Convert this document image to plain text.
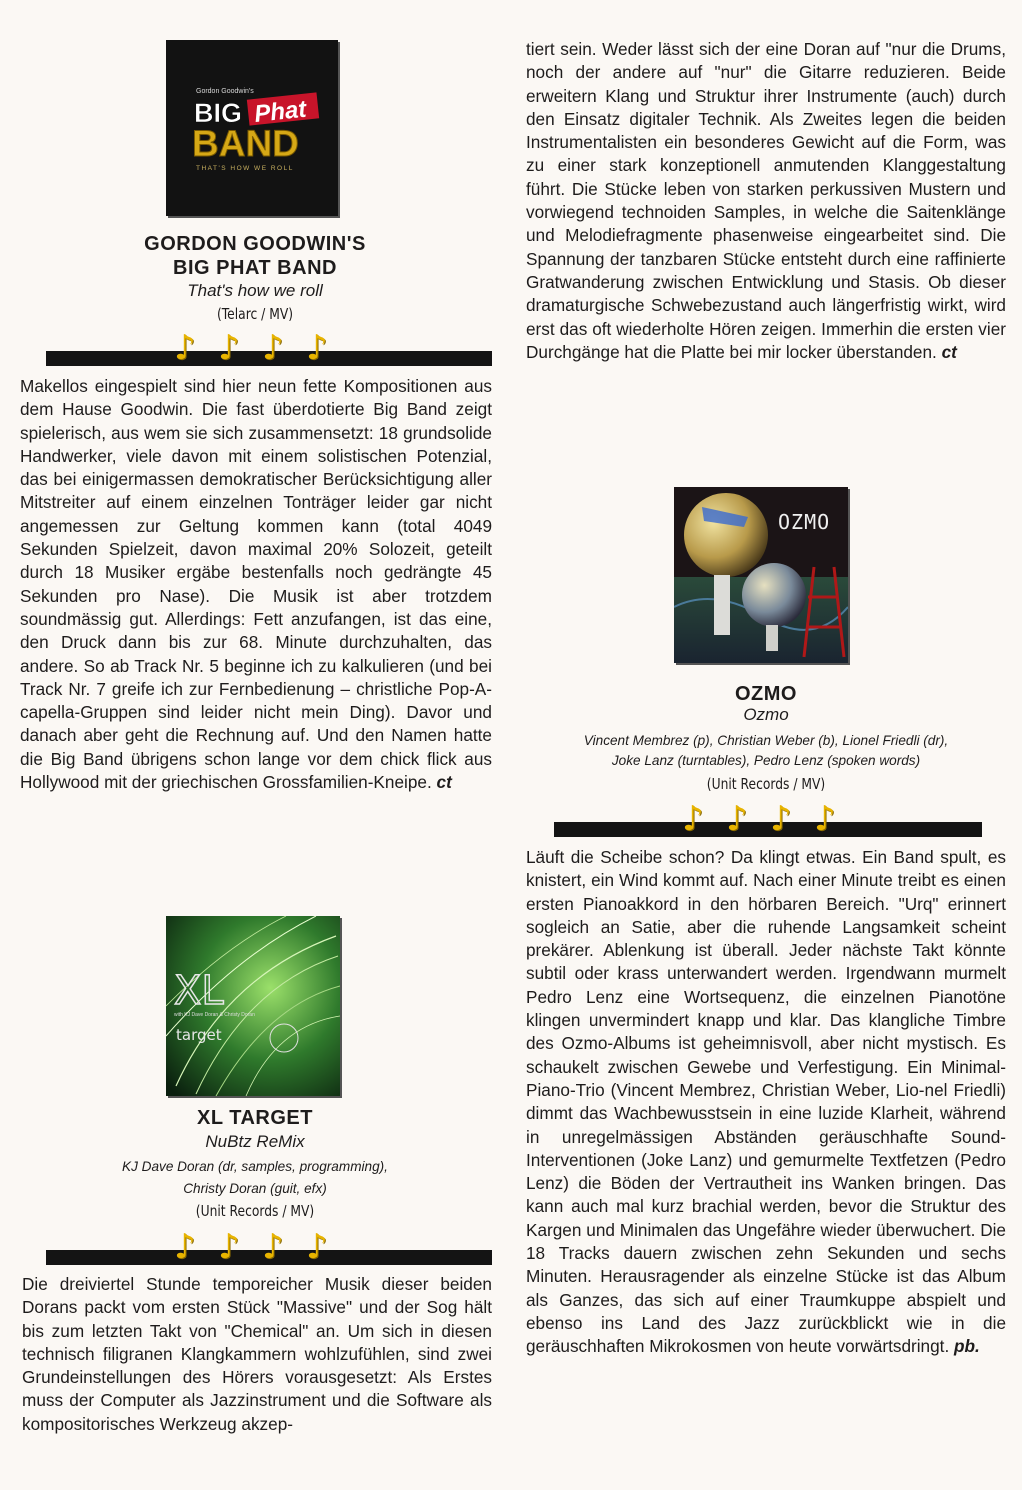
Gordon Goodwin's
BIG Phat
BAND
THAT'S HOW WE ROLL

GORDON GOODWIN'S

BIG PHAT BAND

That's how we roll

(Telarc / MV)

♪ ♪ ♪ ♪

Makellos eingespielt sind hier neun fette Kompositionen aus dem Hause Goodwin. Die fast überdotierte Big Band zeigt spielerisch, aus wem sie sich zusammensetzt: 18 grundsolide Handwerker, viele davon mit einem solistischen Potenzial, das bei einigermassen demokratischer Berücksichtigung aller Mitstreiter auf einem einzelnen Tonträger leider gar nicht angemessen zur Geltung kommen kann (total 4049 Sekunden Spielzeit, davon maximal 20% Solozeit, geteilt durch 18 Musiker ergäbe bestenfalls noch gedrängte 45 Sekunden pro Nase). Die Musik ist aber trotzdem soundmässig gut. Allerdings: Fett anzufangen, ist das eine, den Druck dann bis zur 68. Minute durchzuhalten, das andere. So ab Track Nr. 5 beginne ich zu kalkulieren (und bei Track Nr. 7 greife ich zur Fernbedienung – christliche Pop-A-capella-Gruppen sind leider nicht mein Ding). Davor und danach aber geht die Rechnung auf. Und den Namen hatte die Big Band übrigens schon lange vor dem chick flick aus Hollywood mit der griechischen Grossfamilien-Kneipe. ct

XL
with KJ Dave Doran & Christy Doran
target

XL TARGET

NuBtz ReMix

KJ Dave Doran (dr, samples, programming),

Christy Doran (guit, efx)

(Unit Records / MV)

♪ ♪ ♪ ♪

Die dreiviertel Stunde temporeicher Musik dieser beiden Dorans packt vom ersten Stück "Massive" und der Sog hält bis zum letzten Takt von "Chemical" an. Um sich in diesen technisch filigranen Klangkammern wohlzufühlen, sind zwei Grundeinstellungen des Hörers vorausgesetzt: Als Erstes muss der Computer als Jazzinstrument und die Software als kompositorisches Werkzeug akzep-

tiert sein. Weder lässt sich der eine Doran auf "nur die Drums, noch der andere auf "nur" die Gitarre reduzieren. Beide erweitern Klang und Struktur ihrer Instrumente (auch) durch den Einsatz digitaler Technik. Als Zweites legen die beiden Instrumentalisten ein besonderes Gewicht auf die Form, was zu einer stark konzeptionell anmutenden Klanggestaltung führt. Die Stücke leben von starken perkussiven Mustern und vorwiegend technoiden Samples, in welche die Saitenklänge und Melodiefragmente phasenweise eingearbeitet sind. Die Spannung der tanzbaren Stücke entsteht durch eine raffinierte Gratwanderung zwischen Entwicklung und Stasis. Ob dieser dramaturgische Schwebezustand auch längerfristig wirkt, wird erst das oft wiederholte Hören zeigen. Immerhin die ersten vier Durchgänge hat die Platte bei mir locker überstanden. ct

OZMO

OZMO

Ozmo

Vincent Membrez (p), Christian Weber (b), Lionel Friedli (dr),

Joke Lanz (turntables), Pedro Lenz (spoken words)

(Unit Records / MV)

♪ ♪ ♪ ♪

Läuft die Scheibe schon? Da klingt etwas. Ein Band spult, es knistert, ein Wind kommt auf. Nach einer Minute treibt es einen ersten Pianoakkord in den hörbaren Bereich. "Urq" erinnert sogleich an Satie, aber die ruhende Langsamkeit scheint prekärer. Ablenkung ist überall. Jeder nächste Takt könnte subtil oder krass unterwandert werden. Irgendwann murmelt Pedro Lenz eine Wortsequenz, die einzelnen Pianotöne klingen unvermindert knapp und klar. Das klangliche Timbre des Ozmo-Albums ist geheimnisvoll, aber nicht mystisch. Es schaukelt zwischen Gewebe und Verfestigung. Ein Minimal-Piano-Trio (Vincent Membrez, Christian Weber, Lio-nel Friedli) dimmt das Wachbewusstsein in eine luzide Klarheit, während in unregelmässigen Abständen geräuschhafte Sound-Interventionen (Joke Lanz) und gemurmelte Textfetzen (Pedro Lenz) die Böden der Vertrautheit ins Wanken bringen. Das kann auch mal kurz brachial werden, bevor die Struktur des Kargen und Minimalen das Ungefähre wieder überwuchert. Die 18 Tracks dauern zwischen zehn Sekunden und sechs Minuten. Herausragender als einzelne Stücke ist das Album als Ganzes, das sich auf einer Traumkuppe abspielt und ebenso ins Land des Jazz zurückblickt wie in die geräuschhaften Mikrokosmen von heute vorwärtsdringt. pb.
